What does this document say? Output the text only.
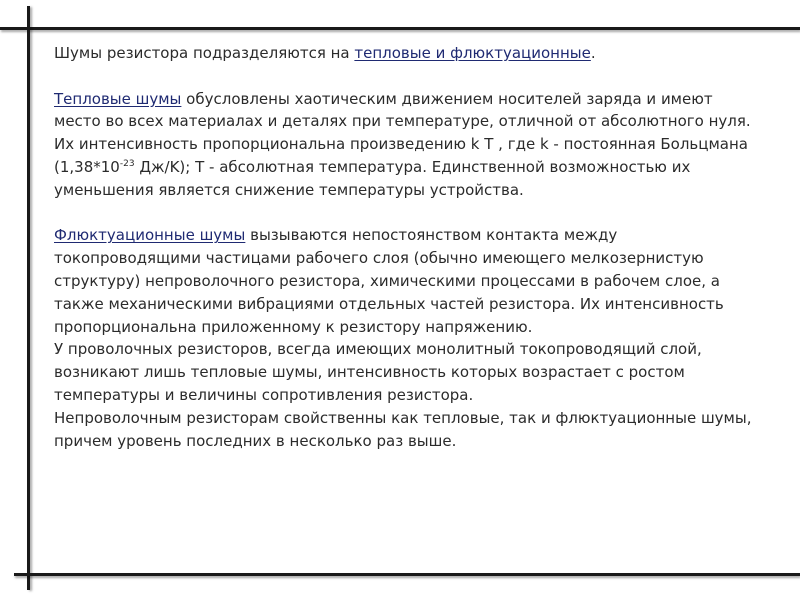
Шумы резистора подразделяются на тепловые и флюктуационные.

Тепловые шумы обусловлены хаотическим движением носителей заряда и имеют место во всех материалах и деталях при температуре, отличной от абсолютного нуля. Их интенсивность пропорциональна произведению k T , где k - постоянная Больцмана ($1,38*10^{-23}$ Дж/K); T - абсолютная температура. Единственной возможностью их уменьшения является снижение температуры устройства.

Флюктуационные шумы вызываются непостоянством контакта между токопроводящими частицами рабочего слоя (обычно имеющего мелкозернистую структуру) непроволочного резистора, химическими процессами в рабочем слое, а также механическими вибрациями отдельных частей резистора. Их интенсивность пропорциональна приложенному к резистору напряжению.

У проволочных резисторов, всегда имеющих монолитный токопроводящий слой, возникают лишь тепловые шумы, интенсивность которых возрастает с ростом температуры и величины сопротивления резистора.

Непроволочным резисторам свойственны как тепловые, так и флюктуационные шумы, причем уровень последних в несколько раз выше.
